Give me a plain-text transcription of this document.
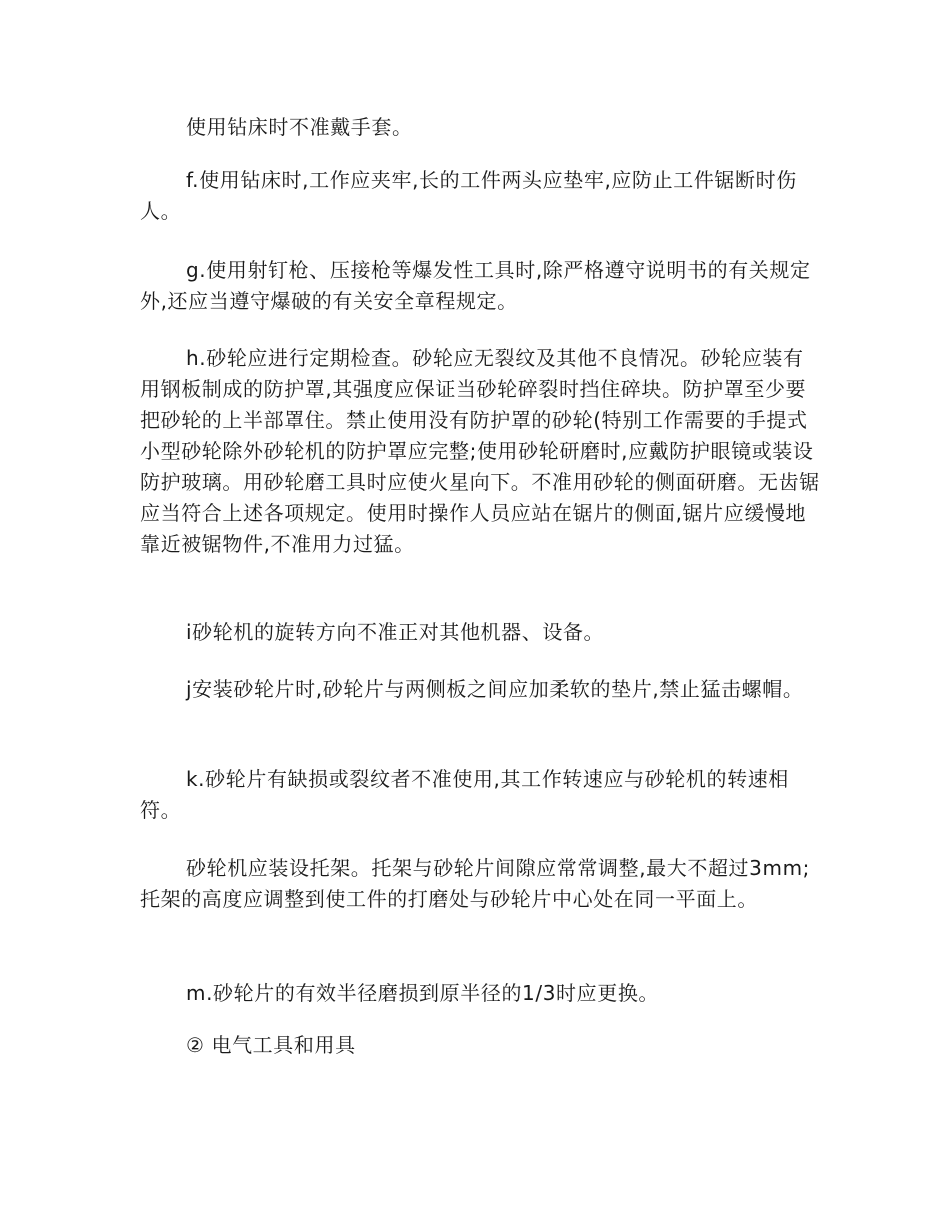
使用钻床时不准戴手套。

f.使用钻床时,工作应夹牢,长的工件两头应垫牢,应防止工件锯断时伤人。

g.使用射钉枪、压接枪等爆发性工具时,除严格遵守说明书的有关规定外,还应当遵守爆破的有关安全章程规定。

h.砂轮应进行定期检查。砂轮应无裂纹及其他不良情况。砂轮应装有用钢板制成的防护罩,其强度应保证当砂轮碎裂时挡住碎块。防护罩至少要把砂轮的上半部罩住。禁止使用没有防护罩的砂轮(特别工作需要的手提式小型砂轮除外砂轮机的防护罩应完整;使用砂轮研磨时,应戴防护眼镜或装设防护玻璃。用砂轮磨工具时应使火星向下。不准用砂轮的侧面研磨。无齿锯应当符合上述各项规定。使用时操作人员应站在锯片的侧面,锯片应缓慢地靠近被锯物件,不准用力过猛。

i砂轮机的旋转方向不准正对其他机器、设备。

j安装砂轮片时,砂轮片与两侧板之间应加柔软的垫片,禁止猛击螺帽。

k.砂轮片有缺损或裂纹者不准使用,其工作转速应与砂轮机的转速相符。

砂轮机应装设托架。托架与砂轮片间隙应常常调整,最大不超过3mm;托架的高度应调整到使工件的打磨处与砂轮片中心处在同一平面上。

m.砂轮片的有效半径磨损到原半径的1/3时应更换。

② 电气工具和用具
